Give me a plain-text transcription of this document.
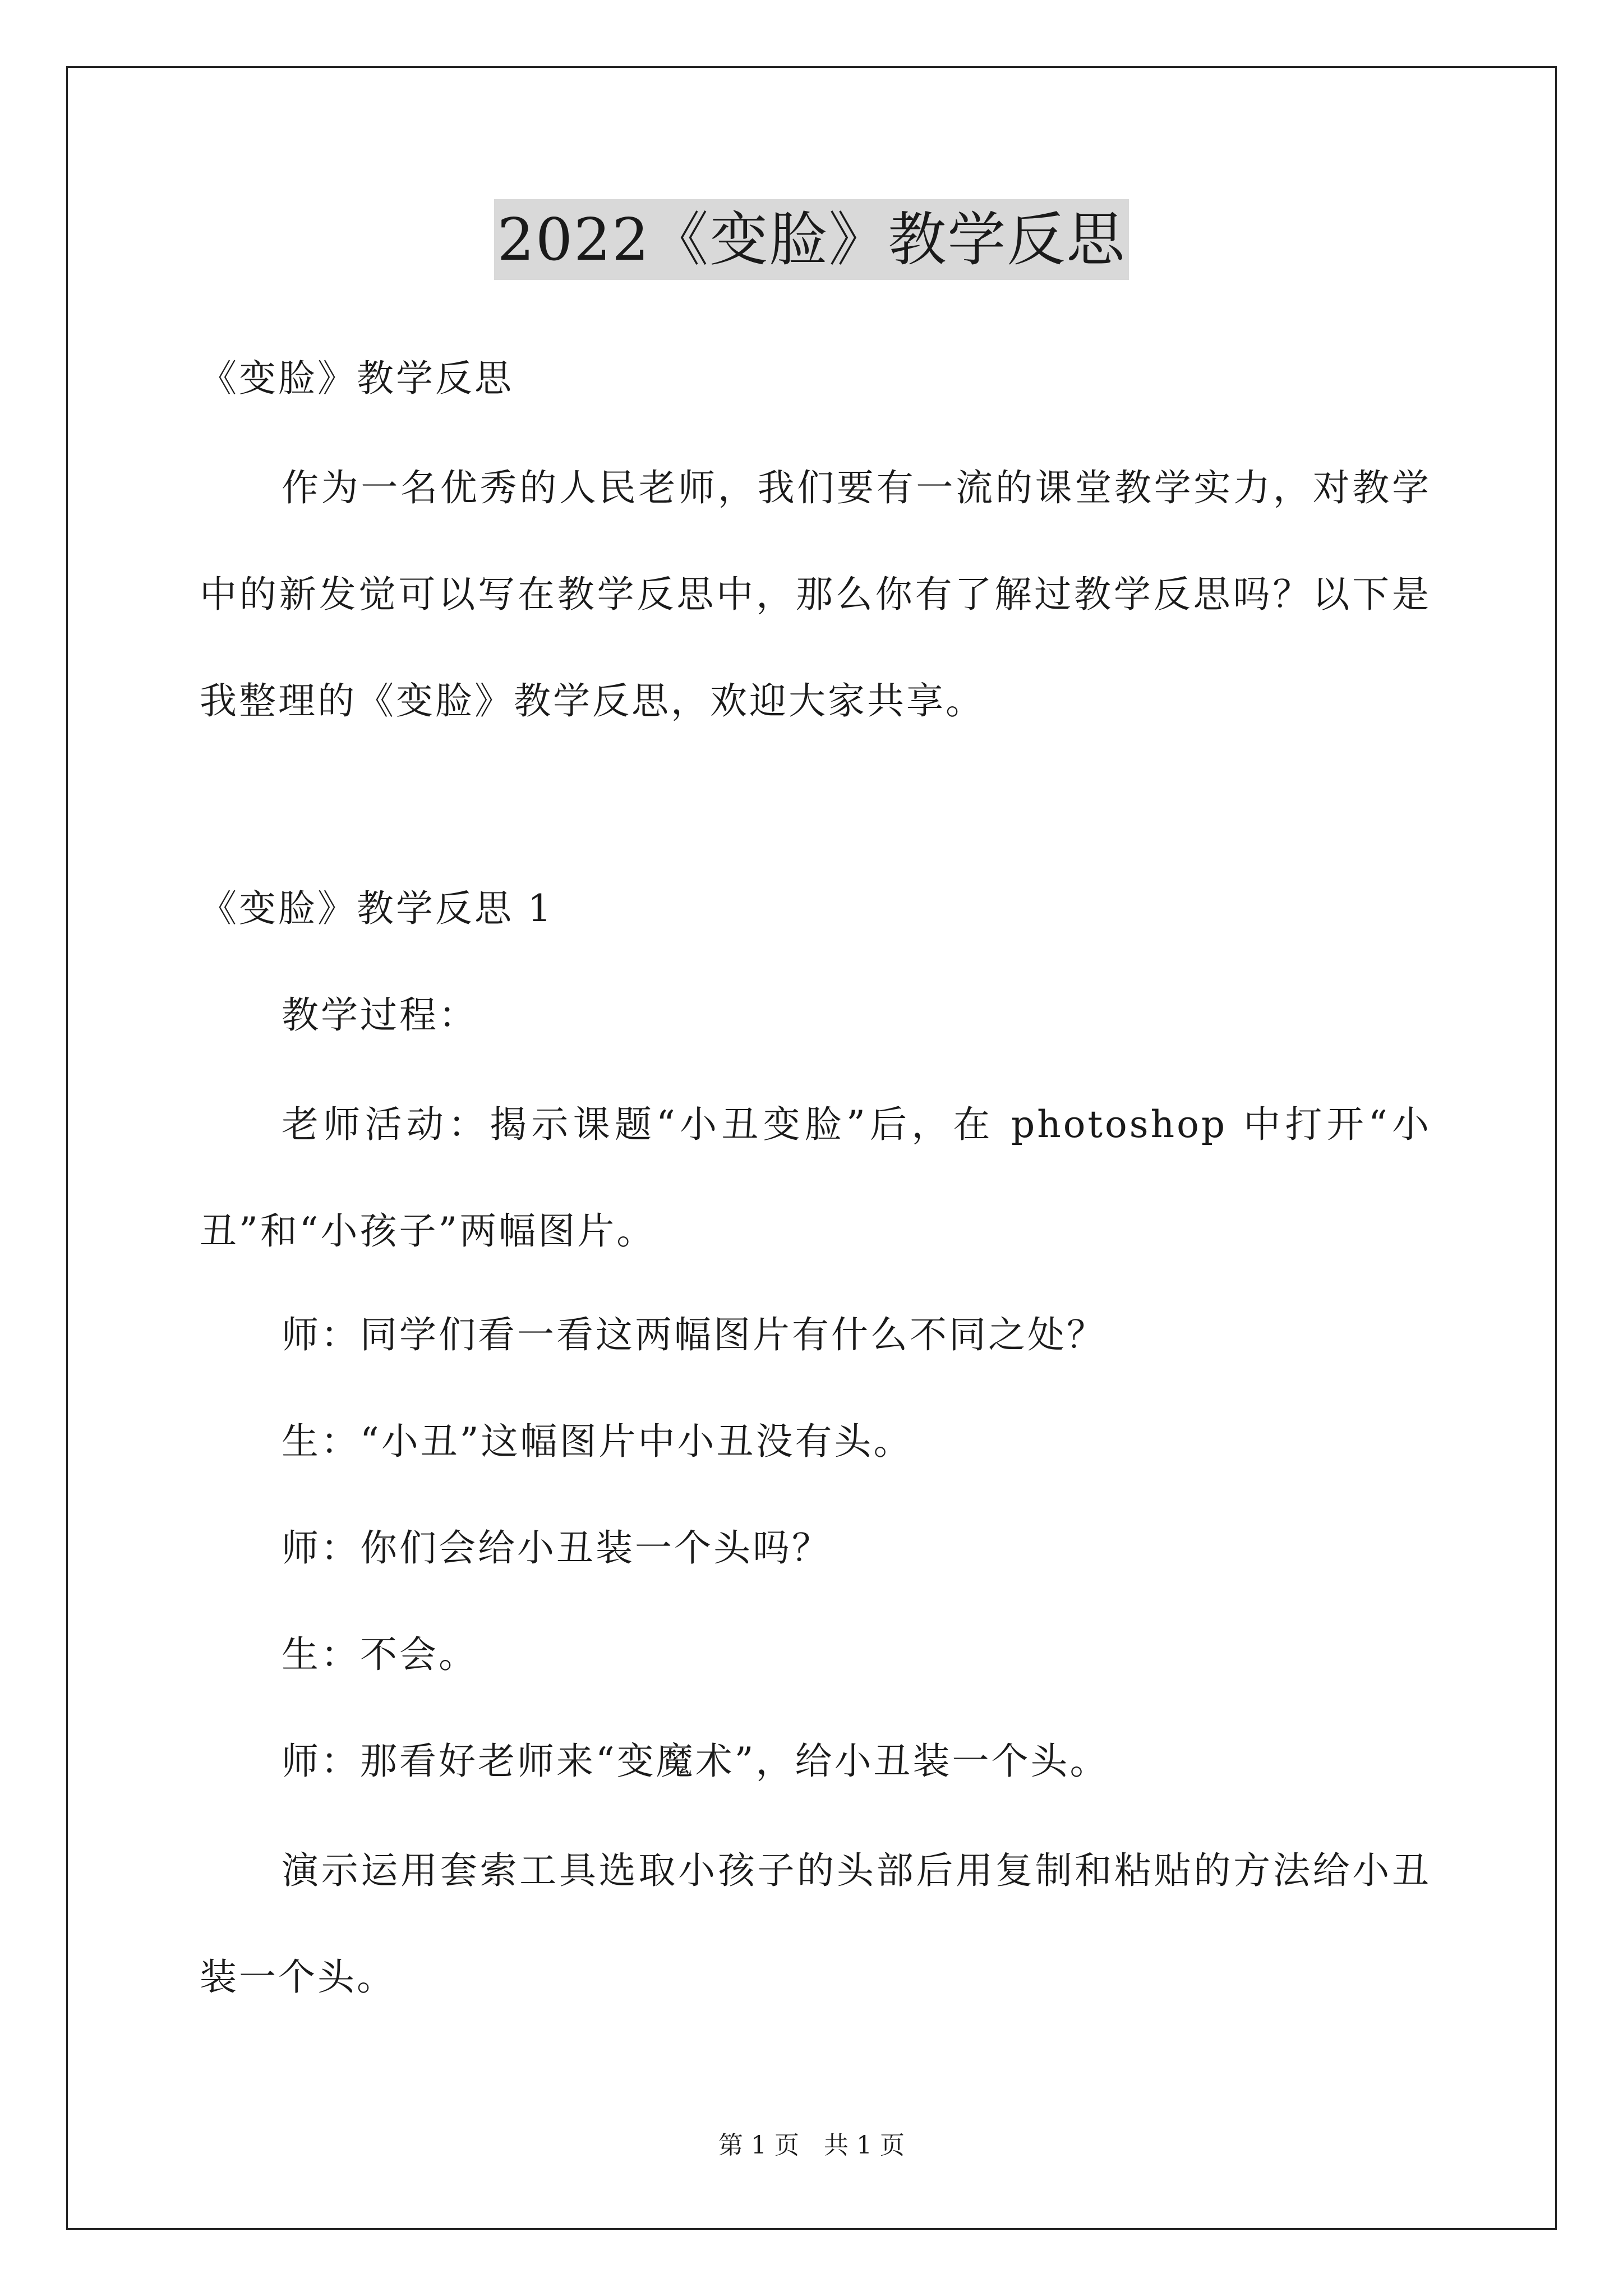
2022《变脸》教学反思
《变脸》教学反思
作为一名优秀的人民老师，我们要有一流的课堂教学实力，对教学中的新发觉可以写在教学反思中，那么你有了解过教学反思吗？以下是我整理的《变脸》教学反思，欢迎大家共享。
《变脸》教学反思 1
教学过程：
老师活动：揭示课题“小丑变脸”后，在 photoshop 中打开“小丑”和“小孩子”两幅图片。
师：同学们看一看这两幅图片有什么不同之处？
生：“小丑”这幅图片中小丑没有头。
师：你们会给小丑装一个头吗？
生：不会。
师：那看好老师来“变魔术”，给小丑装一个头。
演示运用套索工具选取小孩子的头部后用复制和粘贴的方法给小丑装一个头。
第 1 页　共 1 页
